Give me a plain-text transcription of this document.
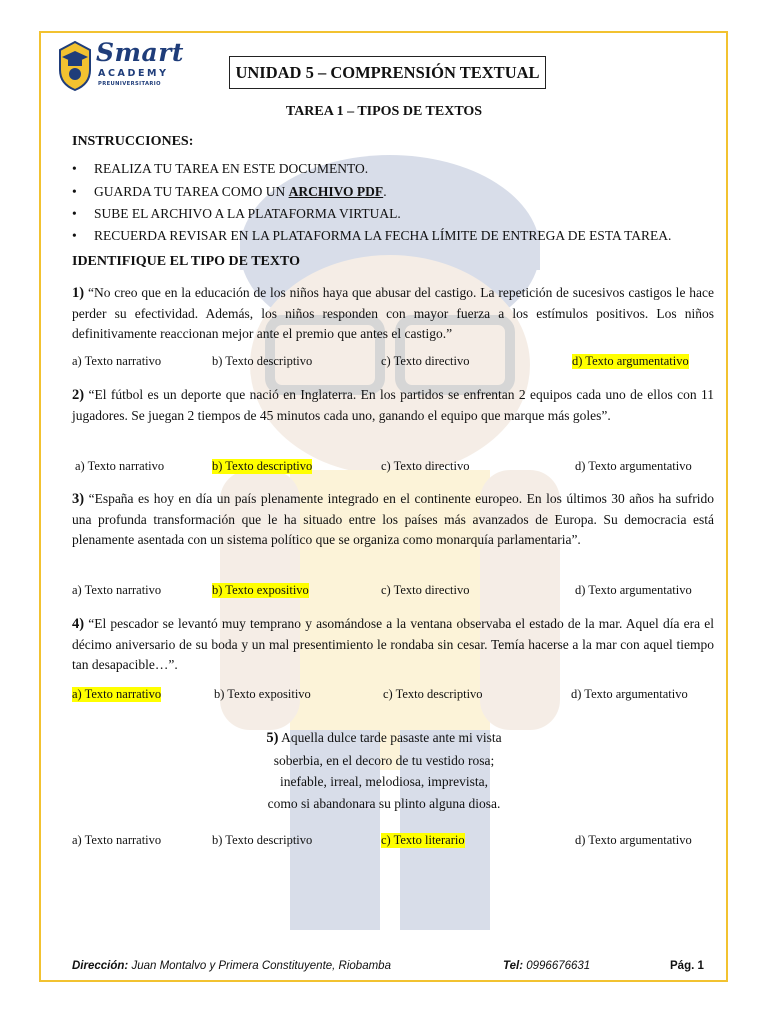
Smart
ACADEMY
PREUNIVERSITARIO
UNIDAD 5 – COMPRENSIÓN TEXTUAL
TAREA 1 – TIPOS DE TEXTOS
INSTRUCCIONES:
• REALIZA TU TAREA EN ESTE DOCUMENTO.
• GUARDA TU TAREA COMO UN ARCHIVO PDF.
• SUBE EL ARCHIVO A LA PLATAFORMA VIRTUAL.
• RECUERDA REVISAR EN LA PLATAFORMA LA FECHA LÍMITE DE ENTREGA DE ESTA TAREA.
IDENTIFIQUE EL TIPO DE TEXTO
1) “No creo que en la educación de los niños haya que abusar del castigo. La repetición de sucesivos castigos le hace perder su efectividad. Además, los niños responden con mayor fuerza a los estímulos positivos. Los niños definitivamente reaccionan mejor ante el premio que antes el castigo.”
a) Texto narrativo	b) Texto descriptivo	c) Texto directivo	d) Texto argumentativo
2) “El fútbol es un deporte que nació en Inglaterra. En los partidos se enfrentan 2 equipos cada uno de ellos con 11 jugadores. Se juegan 2 tiempos de 45 minutos cada uno, ganando el equipo que marque más goles”.
a) Texto narrativo	b) Texto descriptivo	c) Texto directivo	d) Texto argumentativo
3) “España es hoy en día un país plenamente integrado en el continente europeo. En los últimos 30 años ha sufrido una profunda transformación que le ha situado entre los países más avanzados de Europa. Su democracia está plenamente asentada con un sistema político que se organiza como monarquía parlamentaria”.
a) Texto narrativo	b) Texto expositivo	c) Texto directivo	d) Texto argumentativo
4) “El pescador se levantó muy temprano y asomándose a la ventana observaba el estado de la mar. Aquel día era el décimo aniversario de su boda y un mal presentimiento le rondaba sin cesar. Temía hacerse a la mar con aquel tiempo tan desapacible…”.
a) Texto narrativo	b) Texto expositivo	c) Texto descriptivo	d) Texto argumentativo
5) Aquella dulce tarde pasaste ante mi vista
soberbia, en el decoro de tu vestido rosa;
inefable, irreal, melodiosa, imprevista,
como si abandonara su plinto alguna diosa.
a) Texto narrativo	b) Texto descriptivo	c) Texto literario	d) Texto argumentativo
Dirección: Juan Montalvo y Primera Constituyente, Riobamba	Tel: 0996676631	Pág. 1
